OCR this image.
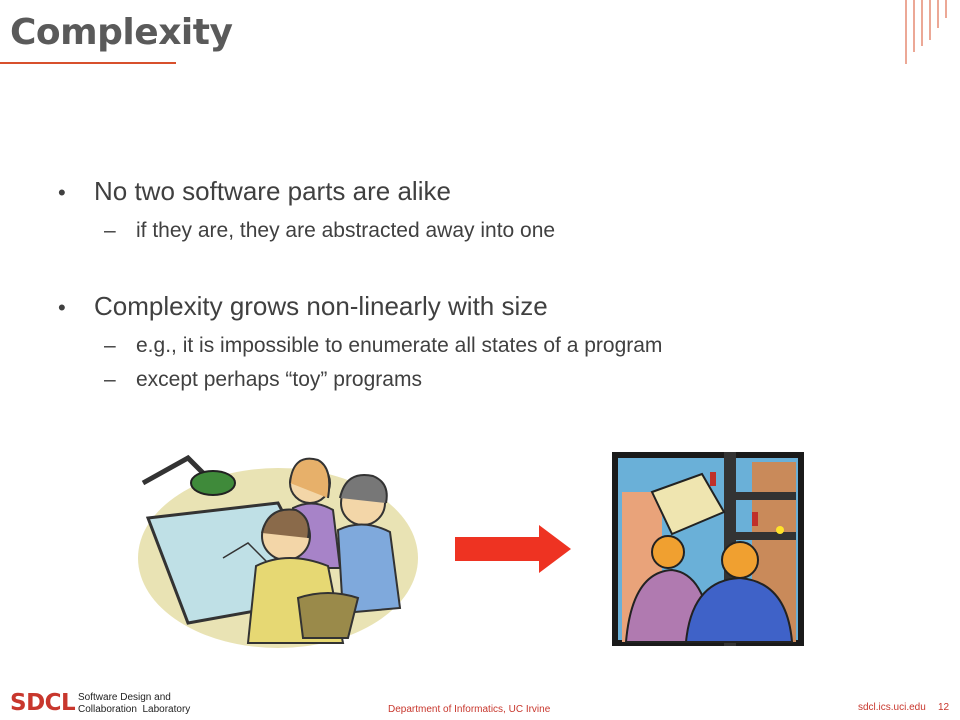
Complexity
•	No two software parts are alike
– if they are, they are abstracted away into one
•	Complexity grows non-linearly with size
– e.g., it is impossible to enumerate all states of a program
– except perhaps “toy” programs
SDCL Software Design and
Collaboration  Laboratory	Department of Informatics, UC Irvine	sdcl.ics.uci.edu 12
